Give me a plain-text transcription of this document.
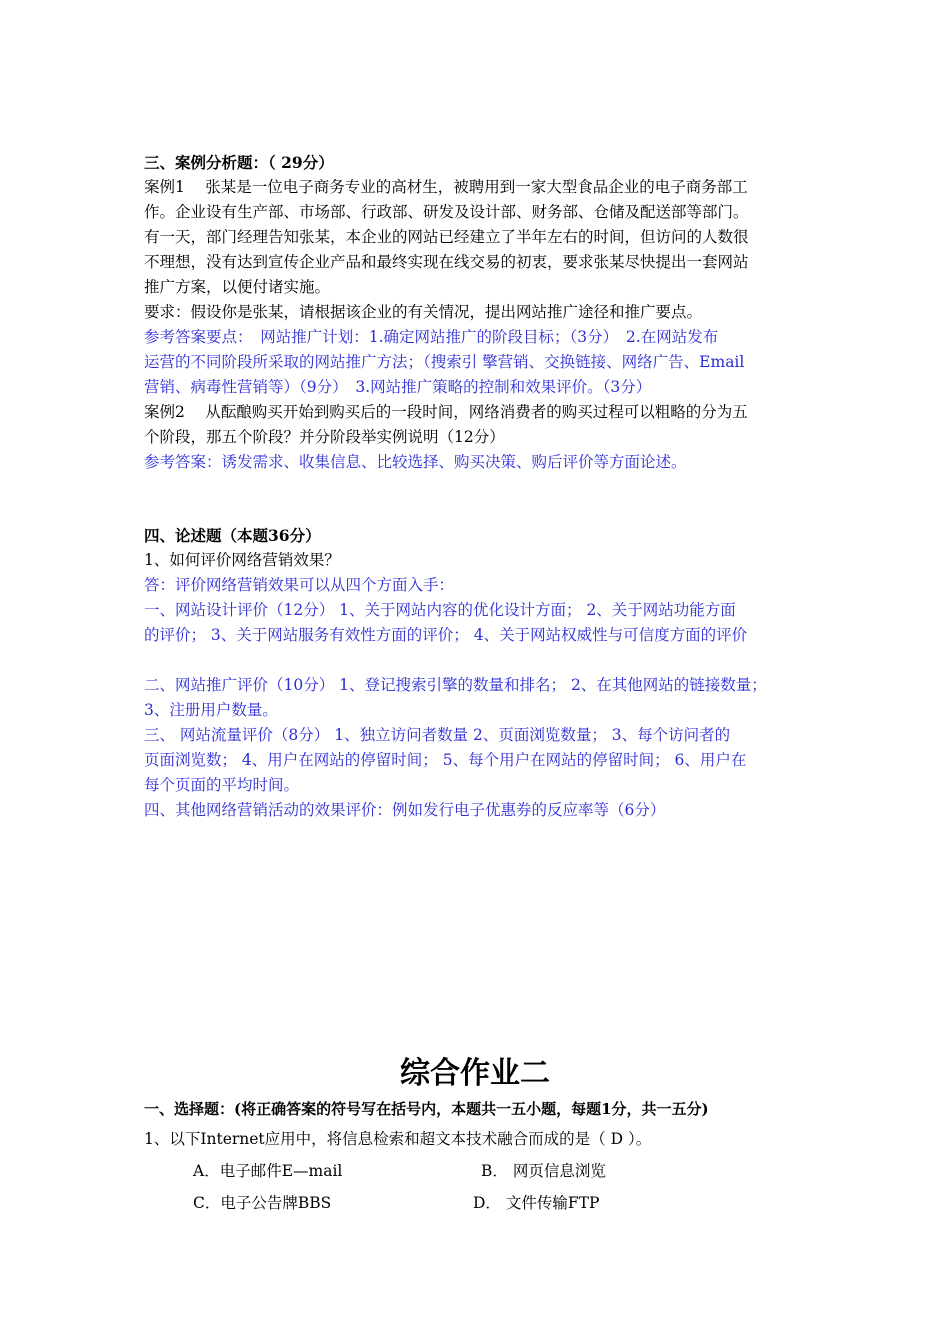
三、案例分析题：（ 29分）
案例1　 张某是一位电子商务专业的高材生，被聘用到一家大型食品企业的电子商务部工
作。企业设有生产部、市场部、行政部、研发及设计部、财务部、仓储及配送部等部门。
有一天，部门经理告知张某，本企业的网站已经建立了半年左右的时间，但访问的人数很
不理想，没有达到宣传企业产品和最终实现在线交易的初衷，要求张某尽快提出一套网站
推广方案，以便付诸实施。
要求：假设你是张某，请根据该企业的有关情况，提出网站推广途径和推广要点。
参考答案要点：　网站推广计划：1.确定网站推广的阶段目标；（3分）　2.在网站发布
运营的不同阶段所采取的网站推广方法；（搜索引 擎营销、交换链接、网络广告、Email
营销、病毒性营销等）（9分）　3.网站推广策略的控制和效果评价。（3分）
案例2　 从酝酿购买开始到购买后的一段时间，网络消费者的购买过程可以粗略的分为五
个阶段，那五个阶段？并分阶段举实例说明（12分）
参考答案：诱发需求、收集信息、比较选择、购买决策、购后评价等方面论述。
四、论述题（本题36分）
1、如何评价网络营销效果？
答：评价网络营销效果可以从四个方面入手：
一、网站设计评价（12分） 1、关于网站内容的优化设计方面； 2、关于网站功能方面
的评价； 3、关于网站服务有效性方面的评价； 4、关于网站权威性与可信度方面的评价
二、网站推广评价（10分） 1、登记搜索引擎的数量和排名； 2、在其他网站的链接数量；
3、注册用户数量。
三、 网站流量评价（8分） 1、独立访问者数量 2、页面浏览数量； 3、每个访问者的
页面浏览数； 4、用户在网站的停留时间； 5、每个用户在网站的停留时间； 6、用户在
每个页面的平均时间。
四、其他网络营销活动的效果评价：例如发行电子优惠券的反应率等（6分）
综合作业二
一、选择题：(将正确答案的符号写在括号内，本题共一五小题，每题1分，共一五分)
1、以下Internet应用中，将信息检索和超文本技术融合而成的是（ D ）。
A．电子邮件E—mail	B． 网页信息浏览
C．电子公告牌BBS	D． 文件传输FTP
